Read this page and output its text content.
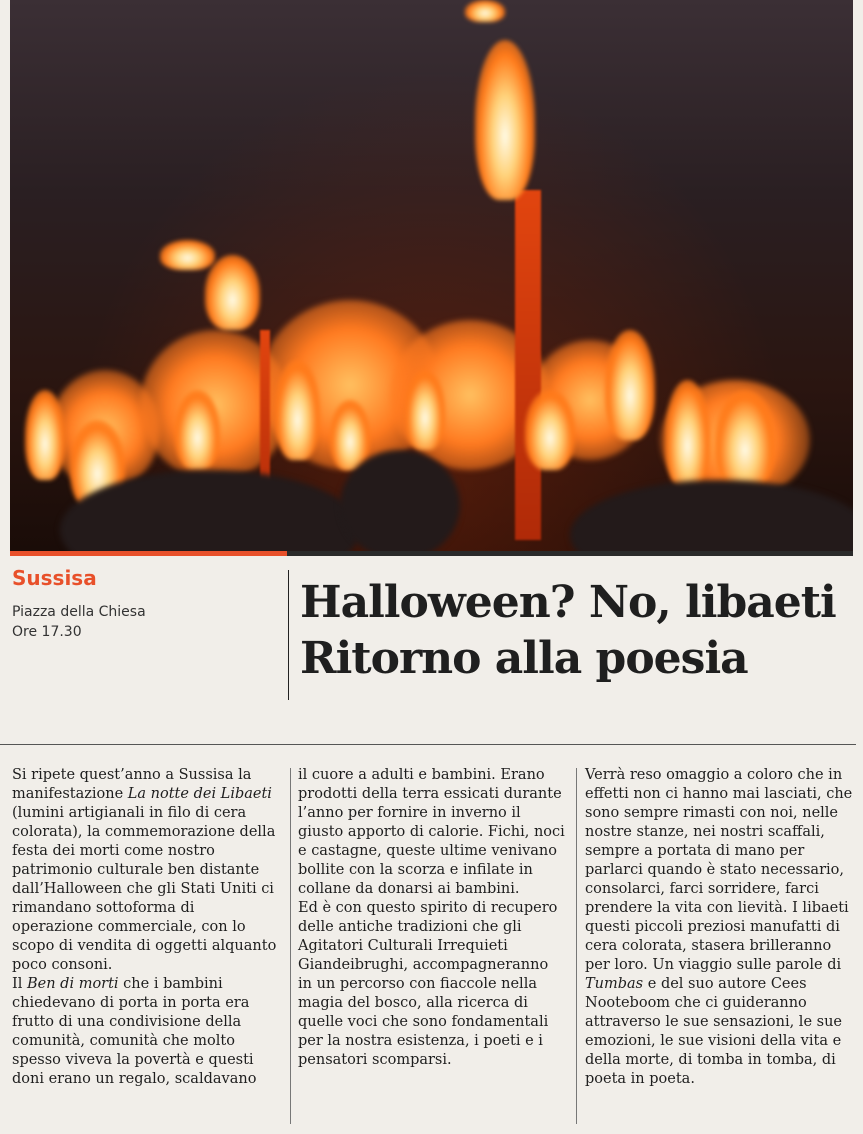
Sussisa

Piazza della Chiesa

Ore 17.30

Halloween? No, libaeti
Ritorno alla poesia

Si ripete quest’anno a Sussisa la manifestazione La notte dei Libaeti (lumini artigianali in filo di cera colorata), la commemorazione della festa dei morti come nostro patrimonio culturale ben distante dall’Halloween che gli Stati Uniti ci rimandano sottoforma di operazione commerciale, con lo scopo di vendita di oggetti alquanto poco consoni.

Il Ben di morti che i bambini chiedevano di porta in porta era frutto di una condivisione della comunità, comunità che molto spesso viveva la povertà e questi doni erano un regalo, scaldavano

il cuore a adulti e bambini. Erano prodotti della terra essicati durante l’anno per fornire in inverno il giusto apporto di calorie. Fichi, noci e castagne, queste ultime venivano bollite con la scorza e infilate in collane da donarsi ai bambini.

Ed è con questo spirito di recupero delle antiche tradizioni che gli Agitatori Culturali Irrequieti Giandeibrughi, accompagneranno in un percorso con fiaccole nella magia del bosco, alla ricerca di quelle voci che sono fondamentali per la nostra esistenza, i poeti e i pensatori scomparsi.

Verrà reso omaggio a coloro che in effetti non ci hanno mai lasciati, che sono sempre rimasti con noi, nelle nostre stanze, nei nostri scaffali, sempre a portata di mano per parlarci quando è stato necessario, consolarci, farci sorridere, farci prendere la vita con lievità. I libaeti questi piccoli preziosi manufatti di cera colorata, stasera brilleranno per loro. Un viaggio sulle parole di Tumbas e del suo autore Cees Nooteboom che ci guideranno attraverso le sue sensazioni, le sue emozioni, le sue visioni della vita e della morte, di tomba in tomba, di poeta in poeta.
